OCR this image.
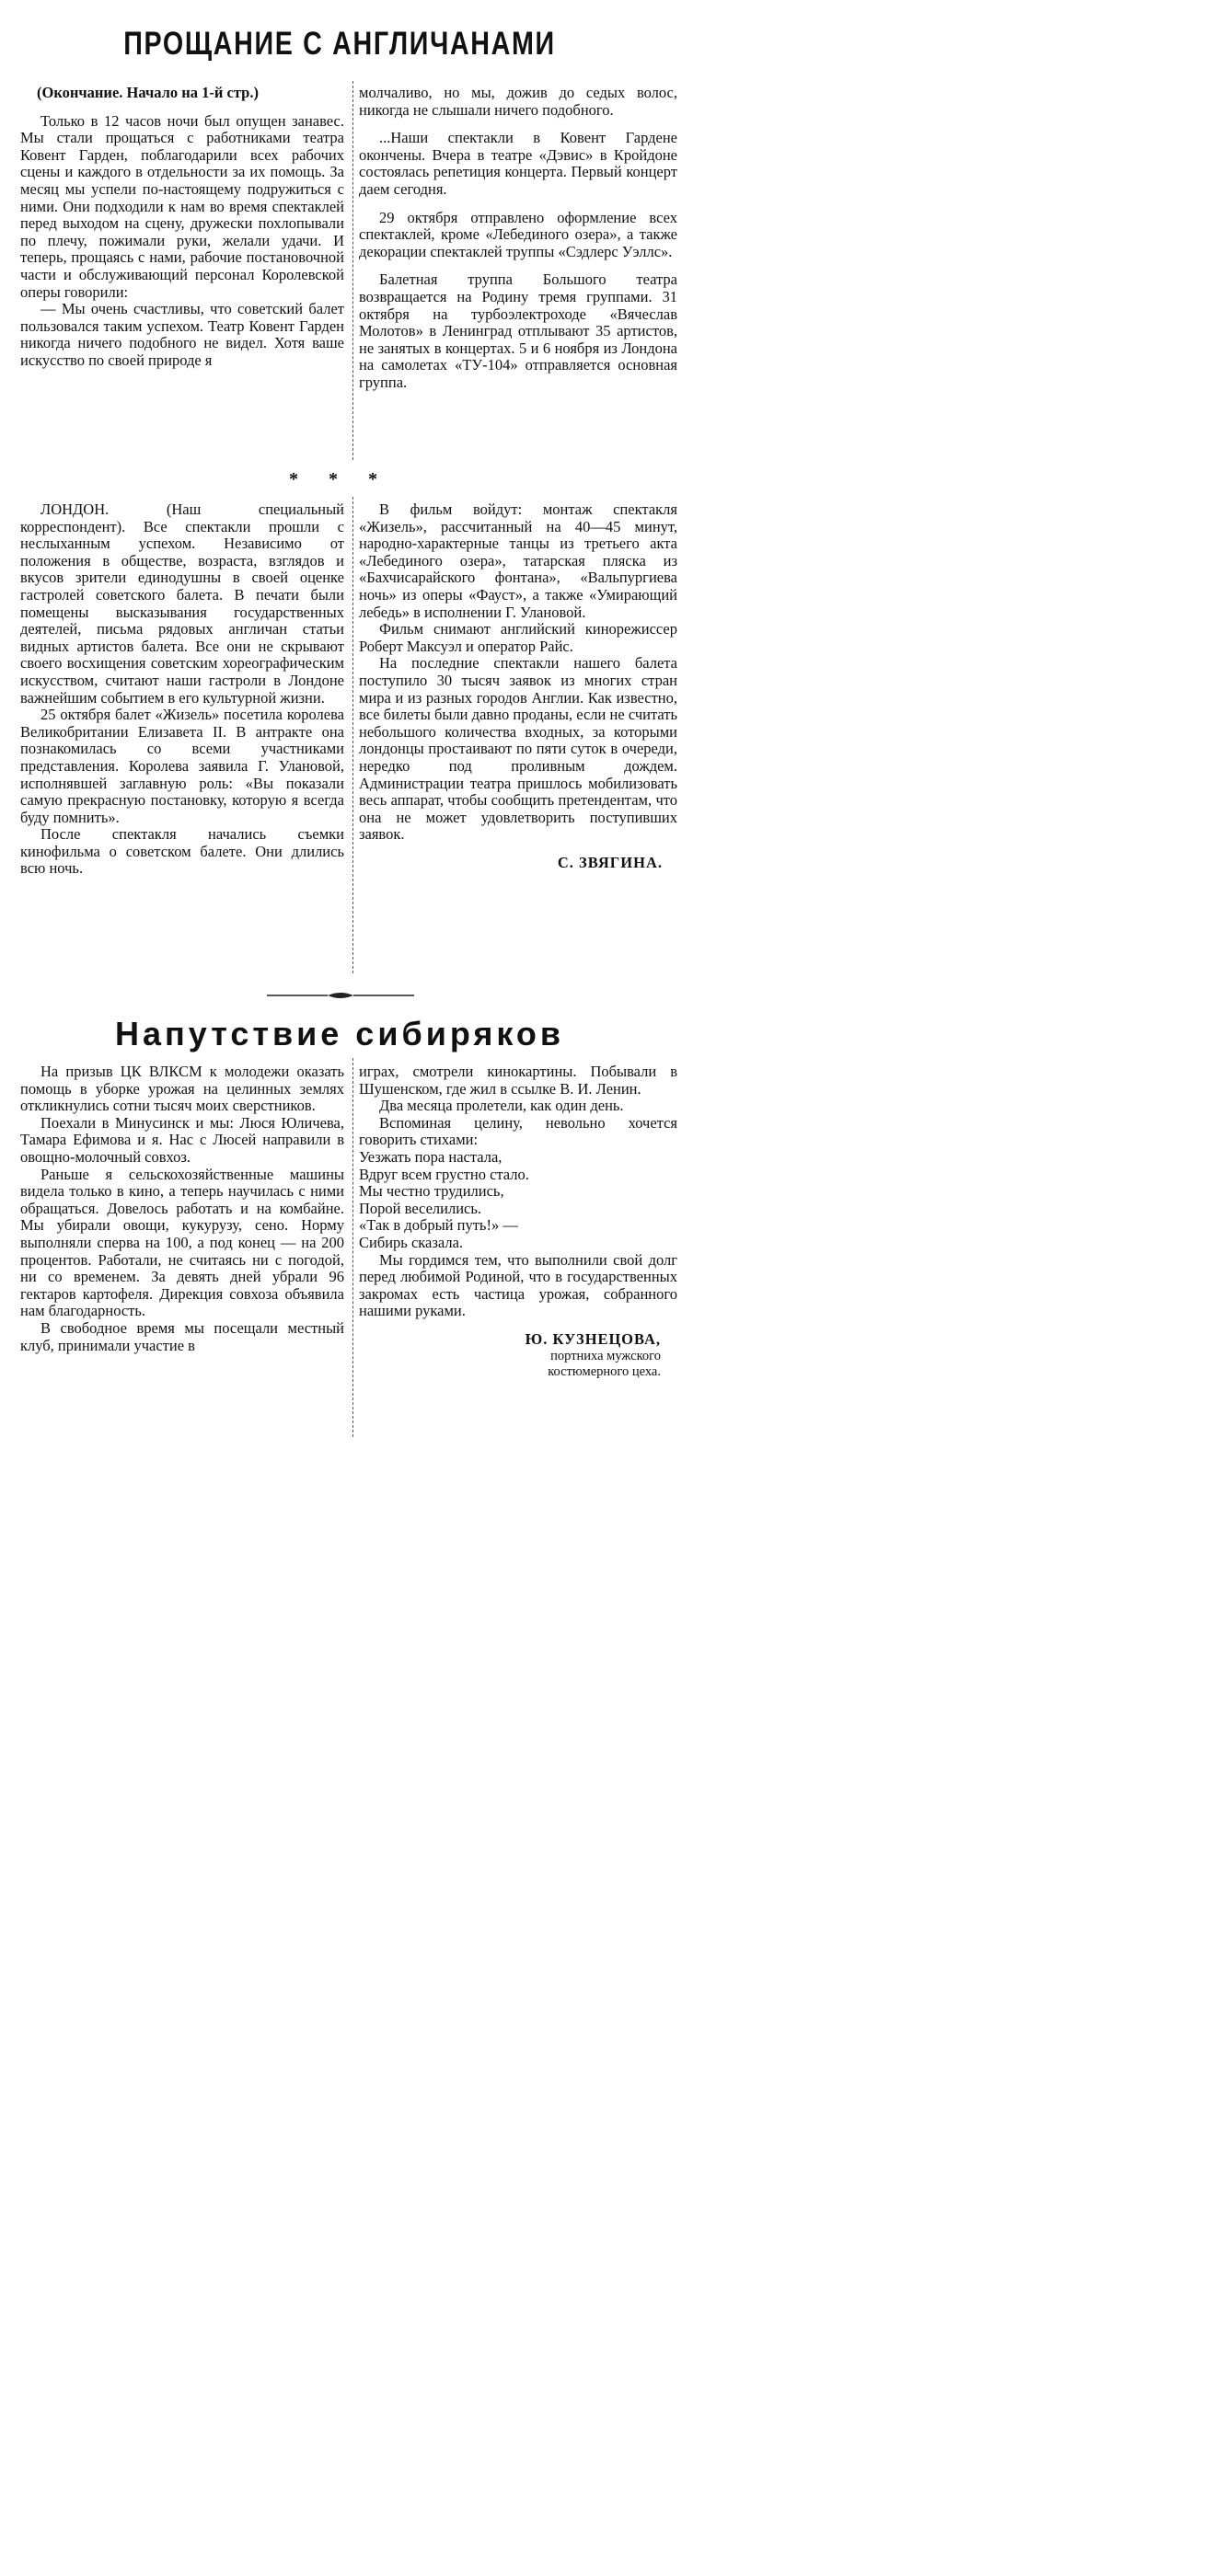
ПРОЩАНИЕ С АНГЛИЧАНАМИ

(Окончание. Начало на 1-й стр.)

Только в 12 часов ночи был опущен занавес. Мы стали прощаться с работниками театра Ковент Гарден, поблагодарили всех рабочих сцены и каждого в отдельности за их помощь. За месяц мы успели по-настоящему подружиться с ними. Они подходили к нам во время спектаклей перед выходом на сцену, дружески похлопывали по плечу, пожимали руки, желали удачи. И теперь, прощаясь с нами, рабочие постановочной части и обслуживающий персонал Королевской оперы говорили:

— Мы очень счастливы, что советский балет пользовался таким успехом. Театр Ковент Гарден никогда ничего подобного не видел. Хотя ваше искусство по своей природе я

молчаливо, но мы, дожив до седых волос, никогда не слышали ничего подобного.

...Наши спектакли в Ковент Гардене окончены. Вчера в театре «Дэвис» в Кройдоне состоялась репетиция концерта. Первый концерт даем сегодня.

29 октября отправлено оформление всех спектаклей, кроме «Лебединого озера», а также декорации спектаклей труппы «Сэдлерс Уэллс».

Балетная труппа Большого театра возвращается на Родину тремя группами. 31 октября на турбоэлектроходе «Вячеслав Молотов» в Ленинград отплывают 35 артистов, не занятых в концертах. 5 и 6 ноября из Лондона на самолетах «ТУ-104» отправляется основная группа.

* * *

ЛОНДОН. (Наш специальный корреспондент). Все спектакли прошли с неслыханным успехом. Независимо от положения в обществе, возраста, взглядов и вкусов зрители единодушны в своей оценке гастролей советского балета. В печати были помещены высказывания государственных деятелей, письма рядовых англичан статьи видных артистов балета. Все они не скрывают своего восхищения советским хореографическим искусством, считают наши гастроли в Лондоне важнейшим событием в его культурной жизни.

25 октября балет «Жизель» посетила королева Великобритании Елизавета II. В антракте она познакомилась со всеми участниками представления. Королева заявила Г. Улановой, исполнявшей заглавную роль: «Вы показали самую прекрасную постановку, которую я всегда буду помнить».

После спектакля начались съемки кинофильма о советском балете. Они длились всю ночь.

В фильм войдут: монтаж спектакля «Жизель», рассчитанный на 40—45 минут, народно-характерные танцы из третьего акта «Лебединого озера», татарская пляска из «Бахчисарайского фонтана», «Вальпургиева ночь» из оперы «Фауст», а также «Умирающий лебедь» в исполнении Г. Улановой.

Фильм снимают английский кинорежиссер Роберт Максуэл и оператор Райс.

На последние спектакли нашего балета поступило 30 тысяч заявок из многих стран мира и из разных городов Англии. Как известно, все билеты были давно проданы, если не считать небольшого количества входных, за которыми лондонцы простаивают по пяти суток в очереди, нередко под проливным дождем. Администрации театра пришлось мобилизовать весь аппарат, чтобы сообщить претендентам, что она не может удовлетворить поступивших заявок.

С. ЗВЯГИНА.

Напутствие сибиряков

На призыв ЦК ВЛКСМ к молодежи оказать помощь в уборке урожая на целинных землях откликнулись сотни тысяч моих сверстников.

Поехали в Минусинск и мы: Люся Юличева, Тамара Ефимова и я. Нас с Люсей направили в овощно-молочный совхоз.

Раньше я сельскохозяйственные машины видела только в кино, а теперь научилась с ними обращаться. Довелось работать и на комбайне. Мы убирали овощи, кукурузу, сено. Норму выполняли сперва на 100, а под конец — на 200 процентов. Работали, не считаясь ни с погодой, ни со временем. За девять дней убрали 96 гектаров картофеля. Дирекция совхоза объявила нам благодарность.

В свободное время мы посещали местный клуб, принимали участие в

играх, смотрели кинокартины. Побывали в Шушенском, где жил в ссылке В. И. Ленин.

Два месяца пролетели, как один день.

Вспоминая целину, невольно хочется говорить стихами:

Уезжать пора настала,

Вдруг всем грустно стало.

Мы честно трудились,

Порой веселились.

«Так в добрый путь!» —

Сибирь сказала.

Мы гордимся тем, что выполнили свой долг перед любимой Родиной, что в государственных закромах есть частица урожая, собранного нашими руками.

Ю. КУЗНЕЦОВА,

портниха мужского

костюмерного цеха.
